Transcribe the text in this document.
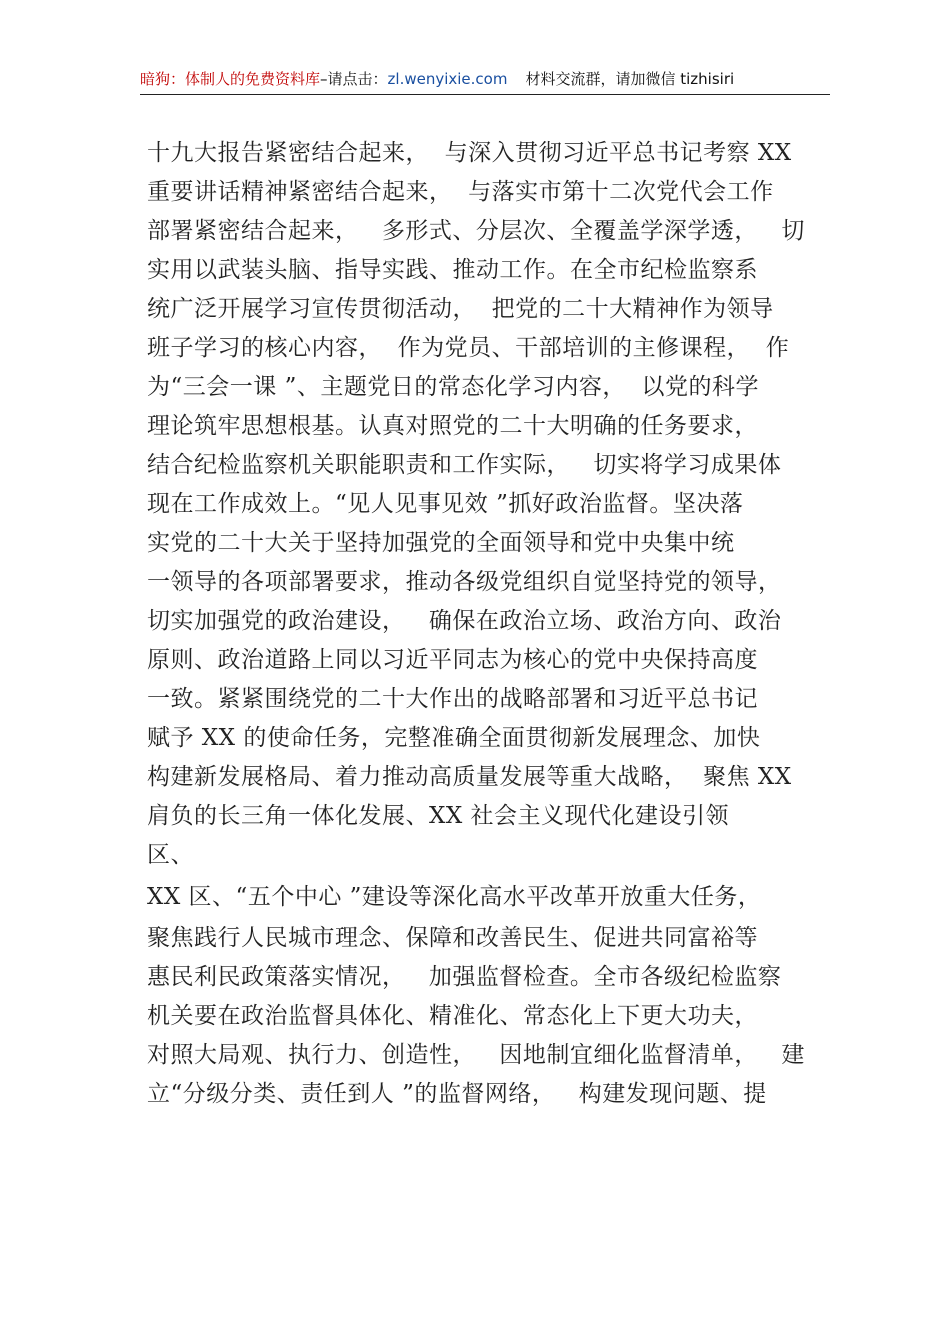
暗狗：体制人的免费资料库–请点击：zl.wenyixie.com 材料交流群，请加微信 tizhisiri
十九大报告紧密结合起来，  与深入贯彻习近平总书记考察 XX
重要讲话精神紧密结合起来，  与落实市第十二次党代会工作
部署紧密结合起来，   多形式、分层次、全覆盖学深学透，   切
实用以武装头脑、指导实践、推动工作。在全市纪检监察系
统广泛开展学习宣传贯彻活动，  把党的二十大精神作为领导
班子学习的核心内容，  作为党员、干部培训的主修课程，  作
为“三会一课 ”、主题党日的常态化学习内容，  以党的科学
理论筑牢思想根基。认真对照党的二十大明确的任务要求，
结合纪检监察机关职能职责和工作实际，   切实将学习成果体
现在工作成效上。“见人见事见效 ”抓好政治监督。坚决落
实党的二十大关于坚持加强党的全面领导和党中央集中统
一领导的各项部署要求，推动各级党组织自觉坚持党的领导，
切实加强党的政治建设，   确保在政治立场、政治方向、政治
原则、政治道路上同以习近平同志为核心的党中央保持高度
一致。紧紧围绕党的二十大作出的战略部署和习近平总书记
赋予 XX 的使命任务，完整准确全面贯彻新发展理念、加快
构建新发展格局、着力推动高质量发展等重大战略，  聚焦 XX
肩负的长三角一体化发展、XX 社会主义现代化建设引领
区、
XX 区、“五个中心 ”建设等深化高水平改革开放重大任务，
聚焦践行人民城市理念、保障和改善民生、促进共同富裕等
惠民利民政策落实情况，   加强监督检查。全市各级纪检监察
机关要在政治监督具体化、精准化、常态化上下更大功夫，
对照大局观、执行力、创造性，   因地制宜细化监督清单，   建
立“分级分类、责任到人 ”的监督网络，   构建发现问题、提
